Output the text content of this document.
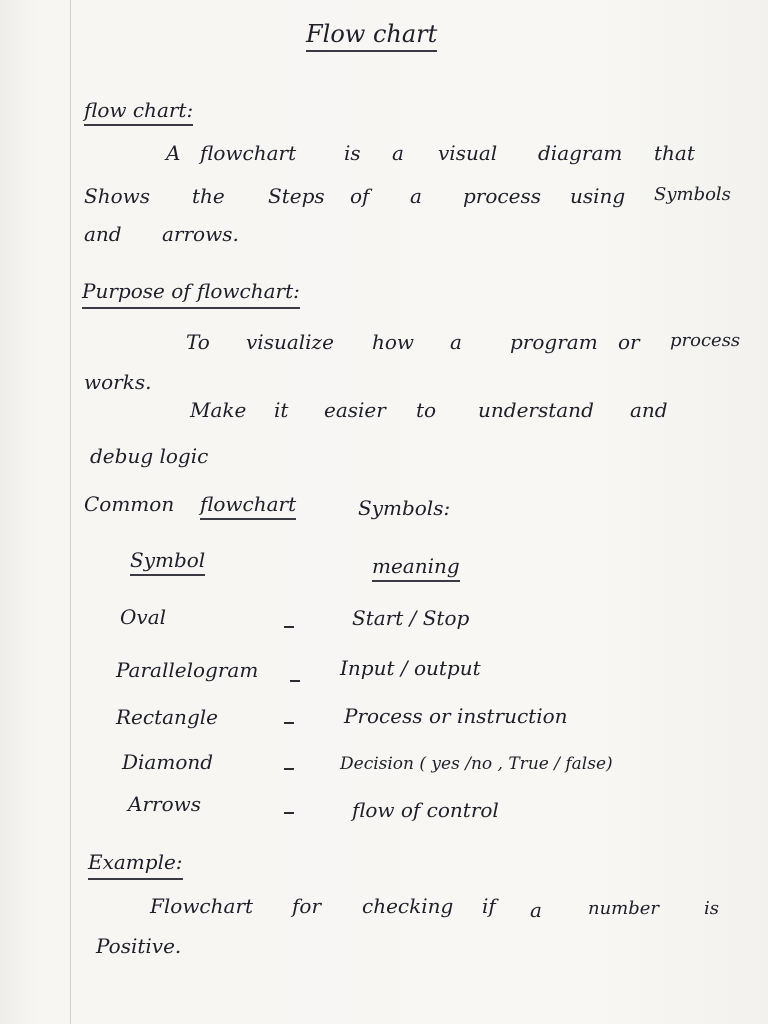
Flow chart
flow chart:
A flowchart is a visual diagram that
Shows the Steps of a process using Symbols
and arrows.
Purpose of flowchart:
To visualize how a program or process
works.
Make it easier to understand and
debug logic
Common flowchart	Symbols:
Symbol	meaning
Oval	Start / Stop
Parallelogram	Input / output
Rectangle	Process or instruction
Diamond	Decision ( yes /no , True / false)
Arrows	flow of control
Example:
Flowchart for checking if a	number is
Positive.
